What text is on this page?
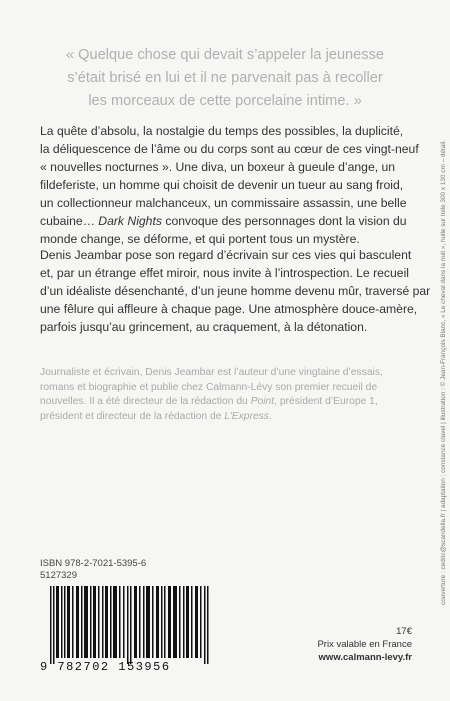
« Quelque chose qui devait s’appeler la jeunesse
s’était brisé en lui et il ne parvenait pas à recoller
les morceaux de cette porcelaine intime. »
La quête d’absolu, la nostalgie du temps des possibles, la duplicité,
la déliquescence de l’âme ou du corps sont au cœur de ces vingt-neuf
« nouvelles nocturnes ». Une diva, un boxeur à gueule d’ange, un
fildeferiste, un homme qui choisit de devenir un tueur au sang froid,
un collectionneur malchanceux, un commissaire assassin, une belle
cubaine… Dark Nights convoque des personnages dont la vision du
monde change, se déforme, et qui portent tous un mystère.
Denis Jeambar pose son regard d’écrivain sur ces vies qui basculent
et, par un étrange effet miroir, nous invite à l’introspection. Le recueil
d’un idéaliste désenchanté, d’un jeune homme devenu mûr, traversé par
une fêlure qui affleure à chaque page. Une atmosphère douce-amère,
parfois jusqu’au grincement, au craquement, à la détonation.
Journaliste et écrivain, Denis Jeambar est l’auteur d’une vingtaine d’essais,
romans et biographie et publie chez Calmann-Lévy son premier recueil de
nouvelles. Il a été directeur de la rédaction du Point, président d’Europe 1,
président et directeur de la rédaction de L’Express.	couverture : cedric@scandella.fr | adaptation : constance clavel | illustration : © Jean-François Blanc, « Le cheval dans la nuit », huile sur toile 300 x 130 cm – détail.
ISBN 978-2-7021-5395-6
5127329
9 782702 153956
17€
Prix valable en France
www.calmann-levy.fr
